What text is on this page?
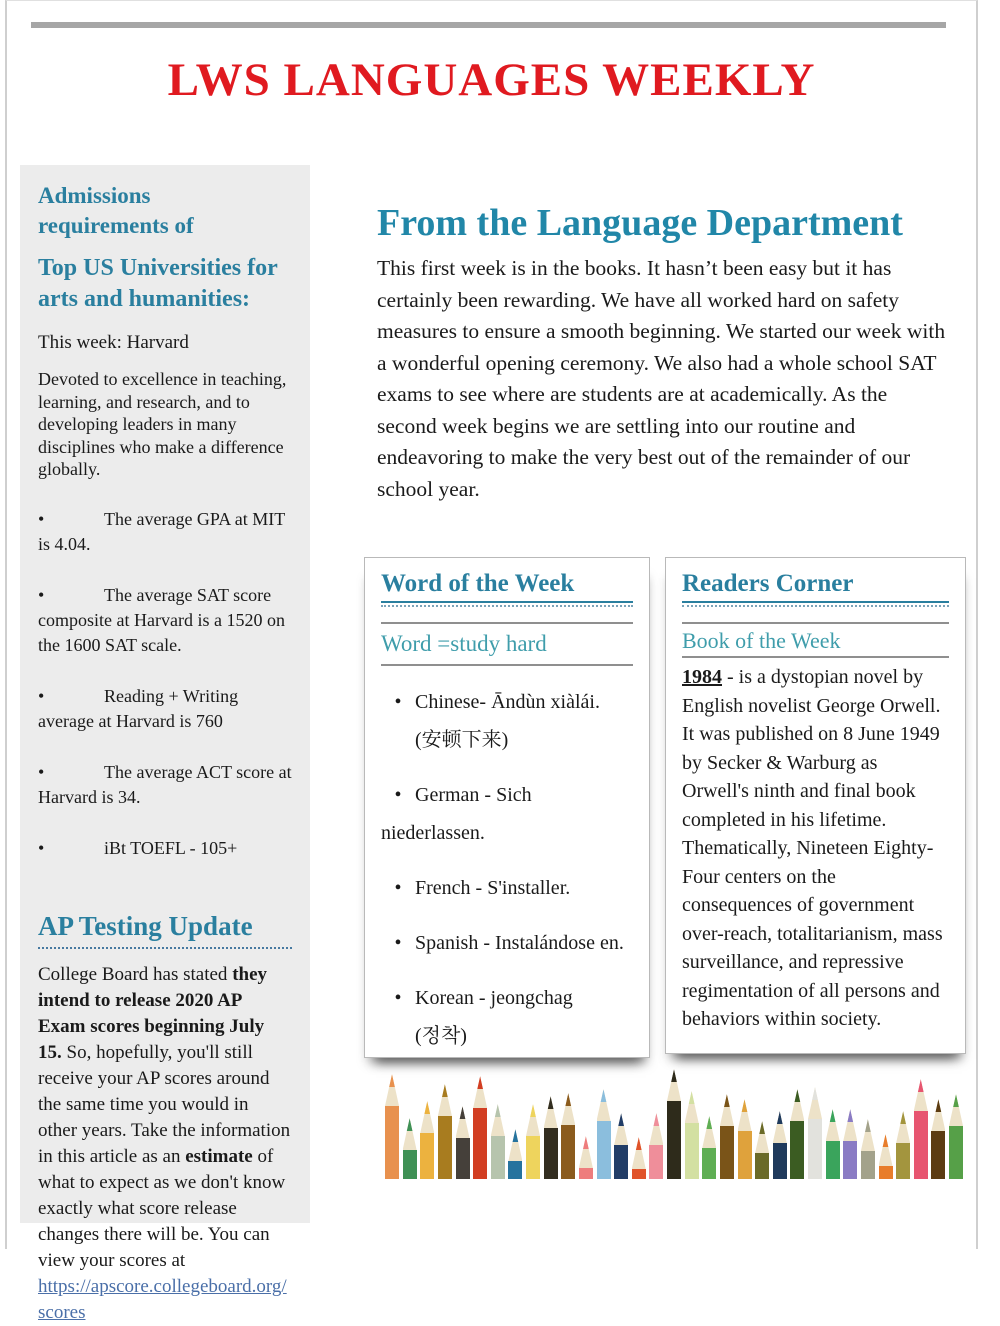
LWS LANGUAGES WEEKLY
Admissions requirements of
Top US Universities for arts and humanities:
This week: Harvard
Devoted to excellence in teaching, learning, and research, and to developing leaders in many disciplines who make a difference globally.
•	The average GPA at MIT is 4.04.
•	The average SAT score composite at Harvard is a 1520 on the 1600 SAT scale.
•	Reading + Writing average at Harvard is 760
•	The average ACT score at Harvard is 34.
•	iBt TOEFL - 105+
AP Testing Update
College Board has stated they intend to release 2020 AP Exam scores beginning July 15. So, hopefully, you'll still receive your AP scores around the same time you would in other years. Take the information in this article as an estimate of what to expect as we don't know exactly what score release changes there will be. You can view your scores at https://apscore.collegeboard.org/scores
From the Language Department
This first week is in the books. It hasn’t been easy but it has certainly been rewarding. We have all worked hard on safety measures to ensure a smooth beginning. We started our week with a wonderful opening ceremony. We also had a whole school SAT exams to see where are students are at academically. As the second week begins we are settling into our routine and endeavoring to make the very best out of the remainder of our school year.
Word of the Week
Word =study hard
• Chinese- Āndùn xiàlái.
(安顿下来)
• German - Sich niederlassen.
• French - S'installer.
• Spanish - Instalándose en.
• Korean - jeongchag
(정착)
Readers Corner
Book of the Week
1984 - is a dystopian novel by English novelist George Orwell. It was published on 8 June 1949 by Secker & Warburg as Orwell's ninth and final book completed in his lifetime. Thematically, Nineteen Eighty-Four centers on the consequences of government over-reach, totalitarianism, mass surveillance, and repressive regimentation of all persons and behaviors within society.
